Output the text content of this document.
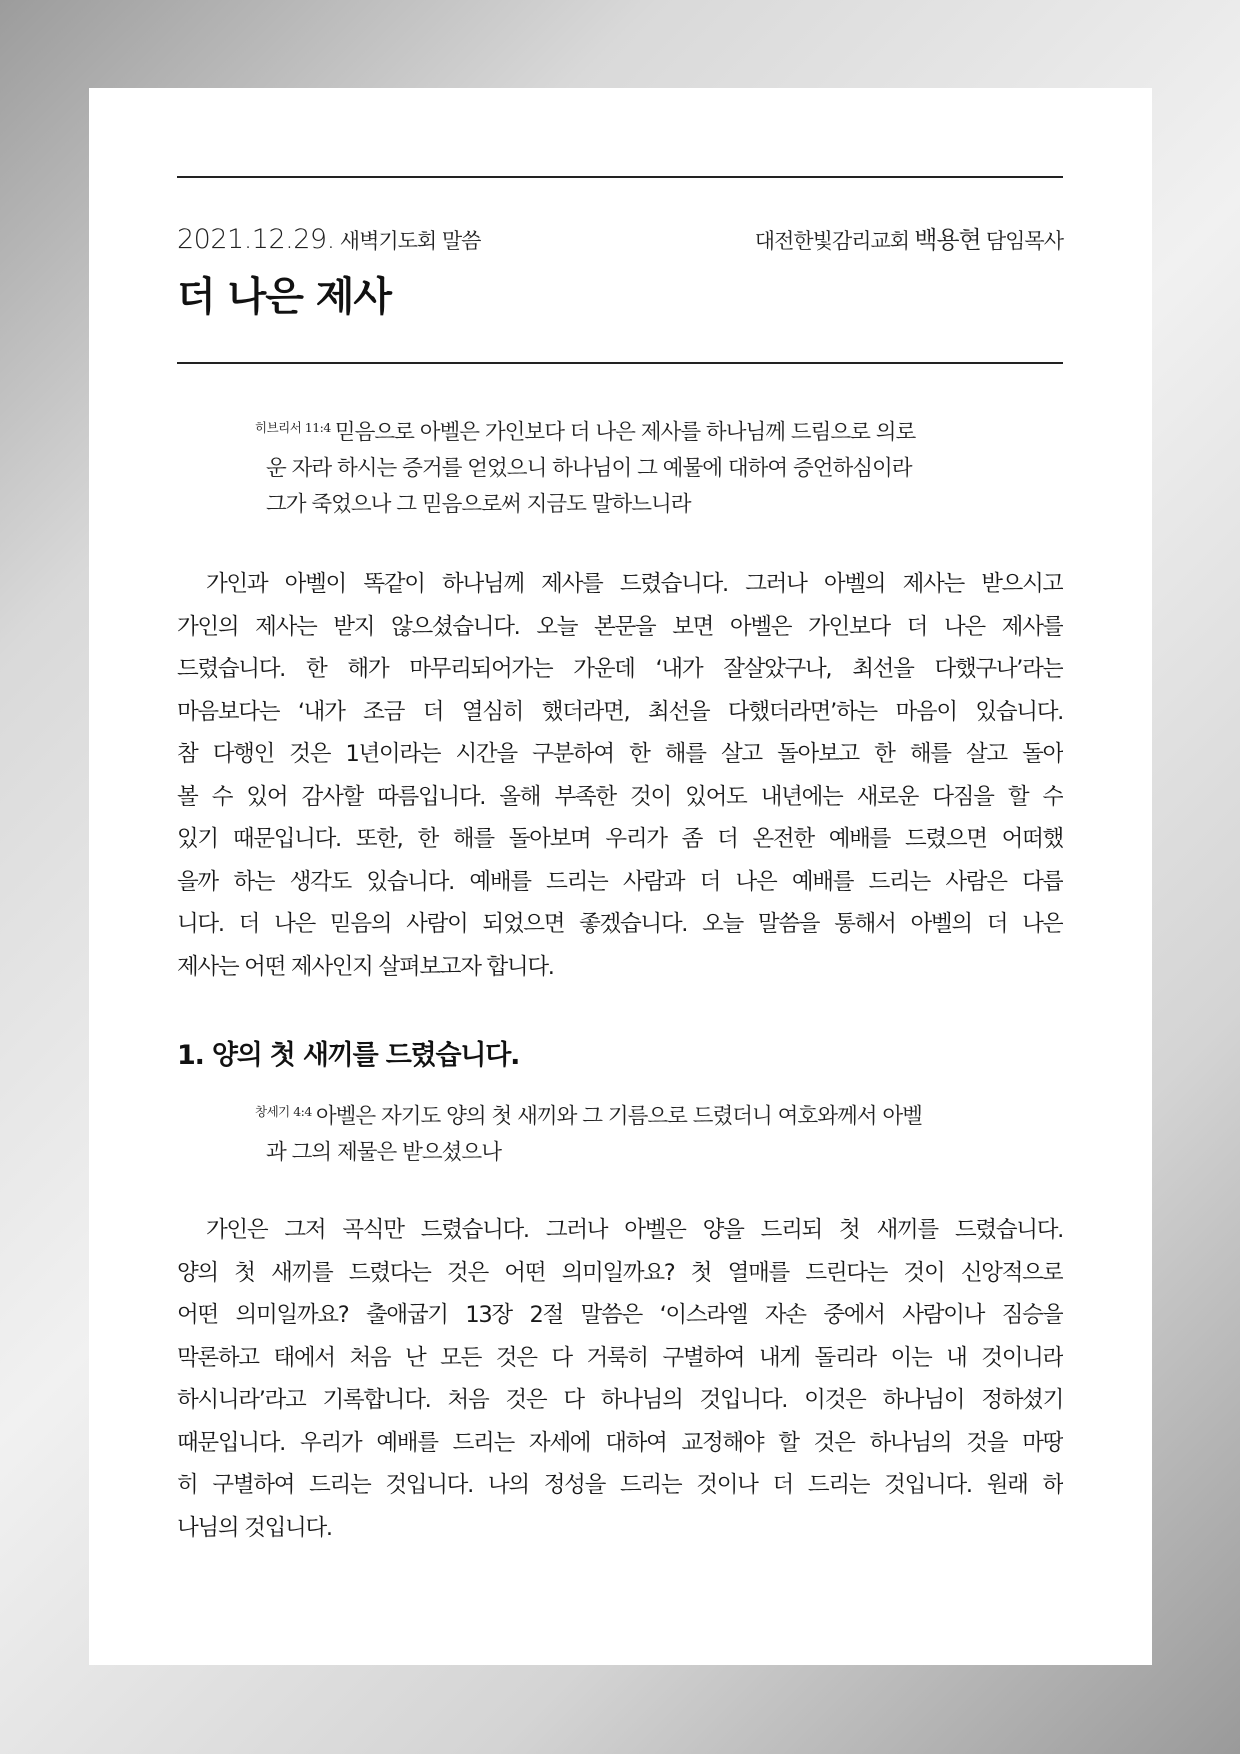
2021.12.29. 새벽기도회 말씀	대전한빛감리교회 백용현 담임목사
더 나은 제사
$^{히브리서 11:4}$ 믿음으로 아벨은 가인보다 더 나은 제사를 하나님께 드림으로 의로
운 자라 하시는 증거를 얻었으니 하나님이 그 예물에 대하여 증언하심이라
그가 죽었으나 그 믿음으로써 지금도 말하느니라
가인과 아벨이 똑같이 하나님께 제사를 드렸습니다. 그러나 아벨의 제사는 받으시고
가인의 제사는 받지 않으셨습니다. 오늘 본문을 보면 아벨은 가인보다 더 나은 제사를
드렸습니다. 한 해가 마무리되어가는 가운데 ‘내가 잘살았구나, 최선을 다했구나’라는
마음보다는 ‘내가 조금 더 열심히 했더라면, 최선을 다했더라면’하는 마음이 있습니다.
참 다행인 것은 1년이라는 시간을 구분하여 한 해를 살고 돌아보고 한 해를 살고 돌아
볼 수 있어 감사할 따름입니다. 올해 부족한 것이 있어도 내년에는 새로운 다짐을 할 수
있기 때문입니다. 또한, 한 해를 돌아보며 우리가 좀 더 온전한 예배를 드렸으면 어떠했
을까 하는 생각도 있습니다. 예배를 드리는 사람과 더 나은 예배를 드리는 사람은 다릅
니다. 더 나은 믿음의 사람이 되었으면 좋겠습니다. 오늘 말씀을 통해서 아벨의 더 나은
제사는 어떤 제사인지 살펴보고자 합니다.
1. 양의 첫 새끼를 드렸습니다.
$^{창세기 4:4}$ 아벨은 자기도 양의 첫 새끼와 그 기름으로 드렸더니 여호와께서 아벨
과 그의 제물은 받으셨으나
가인은 그저 곡식만 드렸습니다. 그러나 아벨은 양을 드리되 첫 새끼를 드렸습니다.
양의 첫 새끼를 드렸다는 것은 어떤 의미일까요? 첫 열매를 드린다는 것이 신앙적으로
어떤 의미일까요? 출애굽기 13장 2절 말씀은 ‘이스라엘 자손 중에서 사람이나 짐승을
막론하고 태에서 처음 난 모든 것은 다 거룩히 구별하여 내게 돌리라 이는 내 것이니라
하시니라’라고 기록합니다. 처음 것은 다 하나님의 것입니다. 이것은 하나님이 정하셨기
때문입니다. 우리가 예배를 드리는 자세에 대하여 교정해야 할 것은 하나님의 것을 마땅
히 구별하여 드리는 것입니다. 나의 정성을 드리는 것이나 더 드리는 것입니다. 원래 하
나님의 것입니다.
